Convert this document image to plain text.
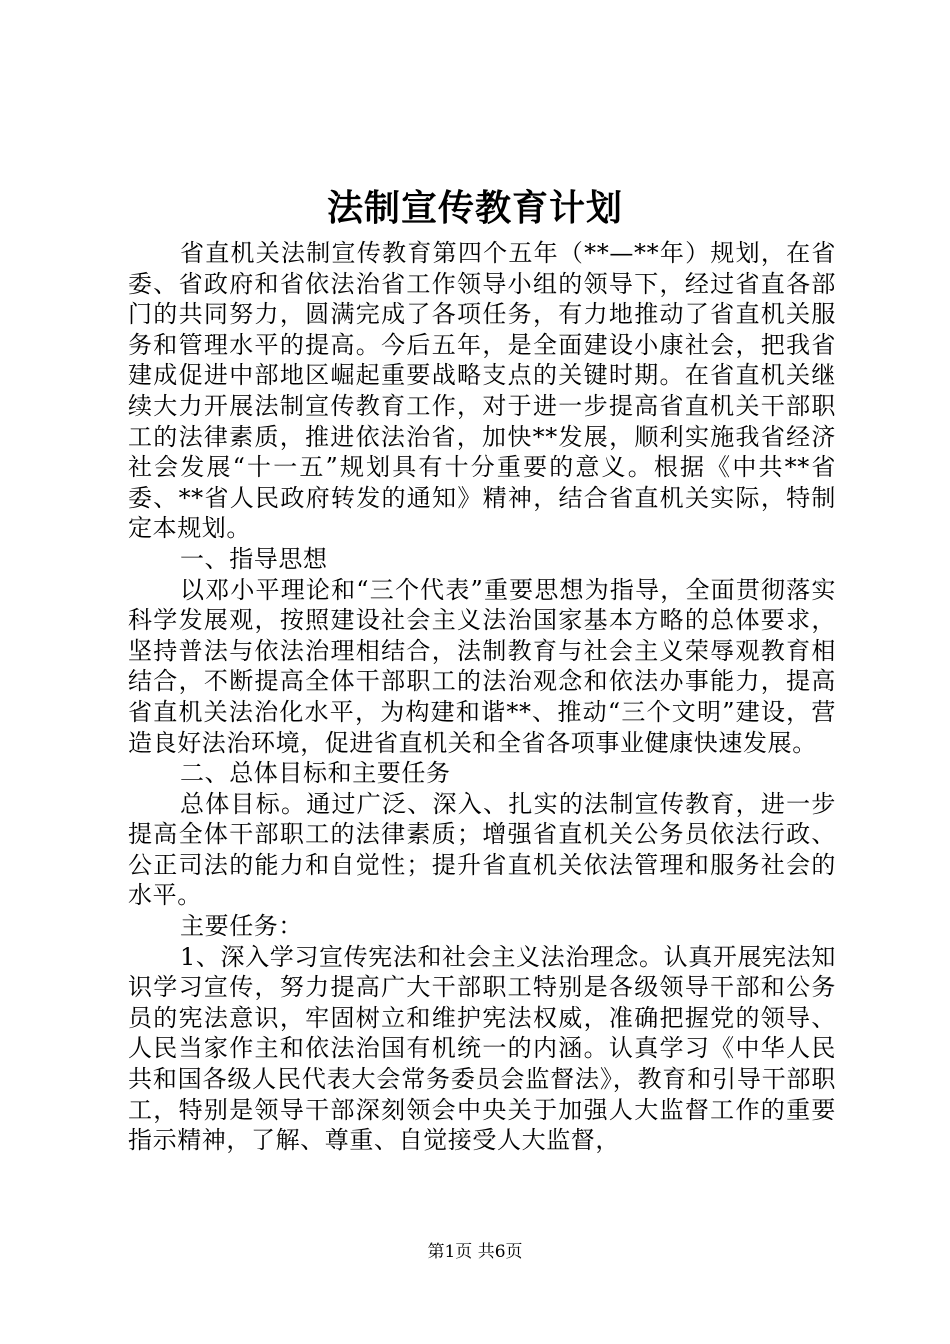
法制宣传教育计划

省直机关法制宣传教育第四个五年（**—**年）规划，在省委、省政府和省依法治省工作领导小组的领导下，经过省直各部门的共同努力，圆满完成了各项任务，有力地推动了省直机关服务和管理水平的提高。今后五年，是全面建设小康社会，把我省建成促进中部地区崛起重要战略支点的关键时期。在省直机关继续大力开展法制宣传教育工作，对于进一步提高省直机关干部职工的法律素质，推进依法治省，加快**发展，顺利实施我省经济社会发展“十一五”规划具有十分重要的意义。根据《中共**省委、**省人民政府转发的通知》精神，结合省直机关实际，特制定本规划。

一、指导思想

以邓小平理论和“三个代表”重要思想为指导，全面贯彻落实科学发展观，按照建设社会主义法治国家基本方略的总体要求，坚持普法与依法治理相结合，法制教育与社会主义荣辱观教育相结合，不断提高全体干部职工的法治观念和依法办事能力，提高省直机关法治化水平，为构建和谐**、推动“三个文明”建设，营造良好法治环境，促进省直机关和全省各项事业健康快速发展。

二、总体目标和主要任务

总体目标。通过广泛、深入、扎实的法制宣传教育，进一步提高全体干部职工的法律素质；增强省直机关公务员依法行政、公正司法的能力和自觉性；提升省直机关依法管理和服务社会的水平。

主要任务：

1、深入学习宣传宪法和社会主义法治理念。认真开展宪法知识学习宣传，努力提高广大干部职工特别是各级领导干部和公务员的宪法意识，牢固树立和维护宪法权威，准确把握党的领导、人民当家作主和依法治国有机统一的内涵。认真学习《中华人民共和国各级人民代表大会常务委员会监督法》，教育和引导干部职工，特别是领导干部深刻领会中央关于加强人大监督工作的重要指示精神，了解、尊重、自觉接受人大监督，

第1页 共6页
